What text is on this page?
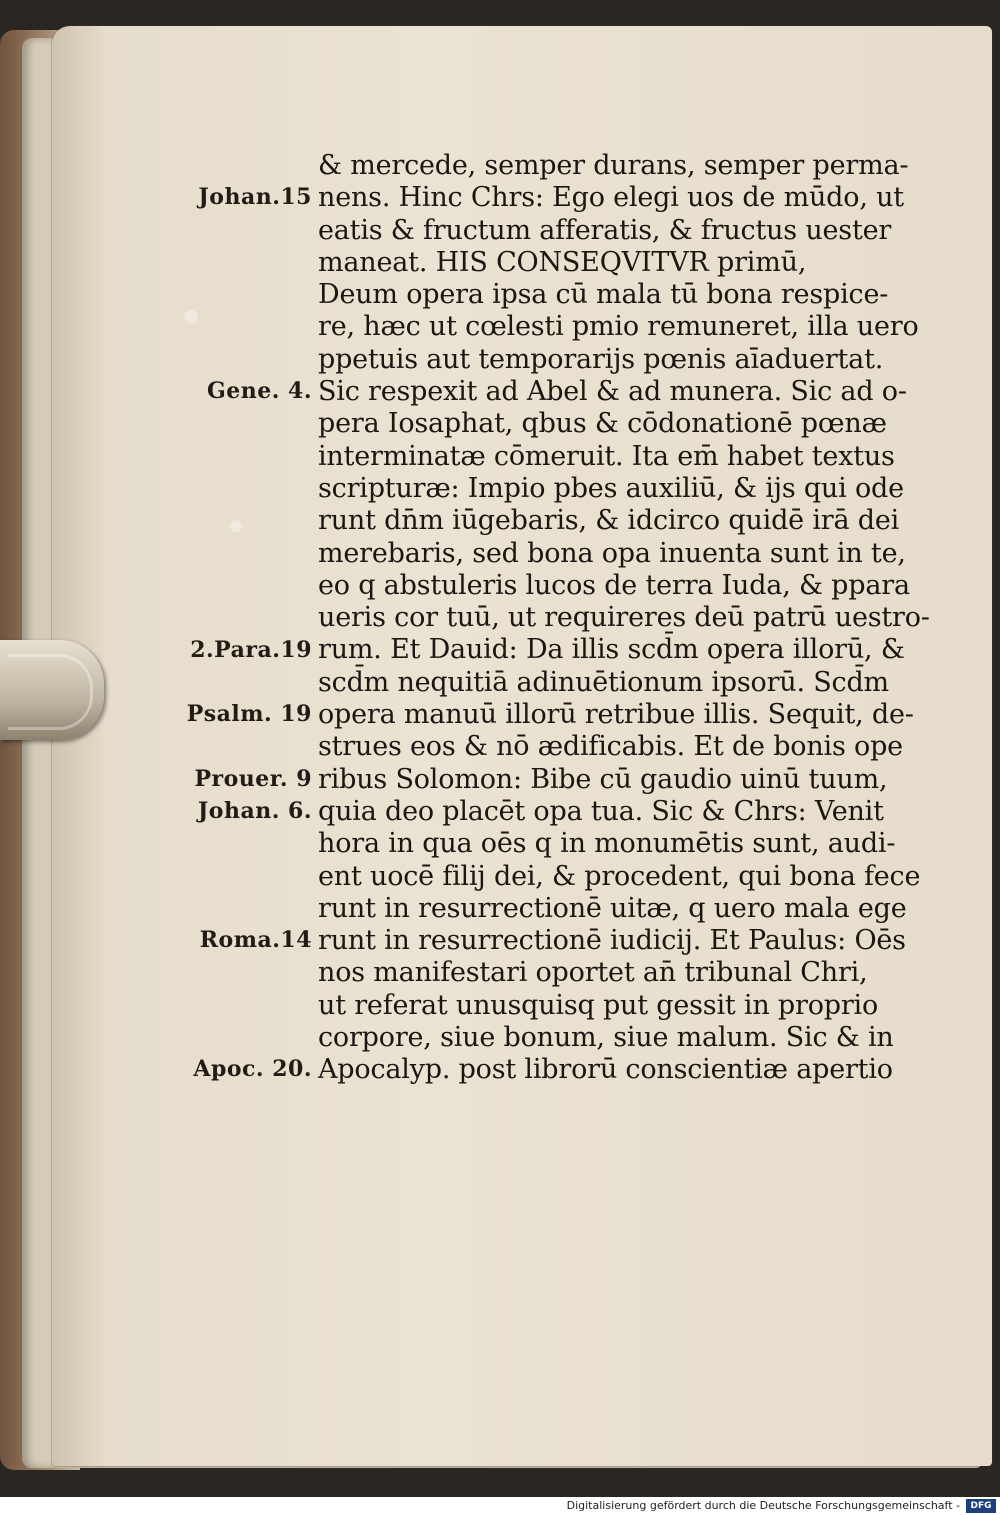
Johan.15
Gene. 4.
2.Para.19
Psalm. 19
Prouer. 9
Johan. 6.
Roma.14
Apoc. 20.
& mercede, semper durans, semper perma-
nens. Hinc Chrs: Ego elegi uos de mūdo, ut
eatis & fructum afferatis, & fructus uester
maneat. HIS CONSEQVITVR primū,
Deum opera ipsa cū mala tū bona respice-
re, hæc ut cœlesti pmio remuneret, illa uero
ppetuis aut temporarijs pœnis aīaduertat.
Sic respexit ad Abel & ad munera. Sic ad o-
pera Iosaphat, qbus & cōdonationē pœnæ
interminatæ cōmeruit. Ita em̄ habet textus
scripturæ: Impio pbes auxiliū, & ijs qui ode
runt dn̄m iūgebaris, & idcirco quidē irā dei
merebaris, sed bona opa inuenta sunt in te,
eo q abstuleris lucos de terra Iuda, & ppara
ueris cor tuū, ut requireres deū patrū uestro-
rum. Et Dauid: Da illis scd̄m opera illorū, &
scd̄m nequitiā adinuētionum ipsorū. Scd̄m
opera manuū illorū retribue illis. Sequit, de-
strues eos & nō ædificabis. Et de bonis ope
ribus Solomon: Bibe cū gaudio uinū tuum,
quia deo placēt opa tua. Sic & Chrs: Venit
hora in qua oēs q in monumētis sunt, audi-
ent uocē filij dei, & procedent, qui bona fece
runt in resurrectionē uitæ, q uero mala ege
runt in resurrectionē iudicij. Et Paulus: Oēs
nos manifestari oportet an̄ tribunal Chri,
ut referat unusquisq put gessit in proprio
corpore, siue bonum, siue malum. Sic & in
Apocalyp. post librorū conscientiæ apertio
Digitalisierung gefördert durch die Deutsche Forschungsgemeinschaft -	DFG
